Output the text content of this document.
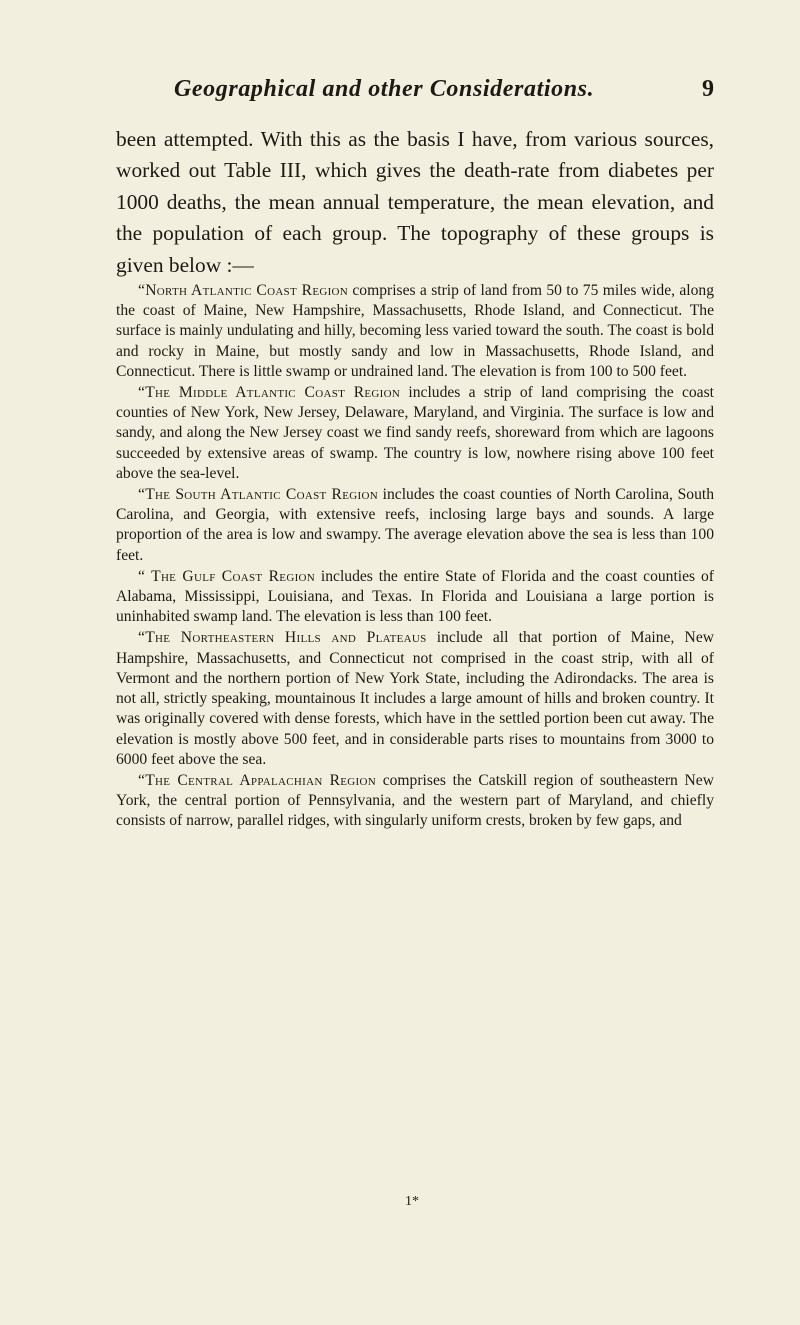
Geographical and other Considerations.	9

been attempted. With this as the basis I have, from various sources, worked out Table III, which gives the death-rate from diabetes per 1000 deaths, the mean annual temperature, the mean elevation, and the population of each group. The topography of these groups is given below :—

“North Atlantic Coast Region comprises a strip of land from 50 to 75 miles wide, along the coast of Maine, New Hampshire, Massachusetts, Rhode Island, and Connecticut. The surface is mainly undulating and hilly, becoming less varied toward the south. The coast is bold and rocky in Maine, but mostly sandy and low in Massachusetts, Rhode Island, and Connecticut. There is little swamp or undrained land. The elevation is from 100 to 500 feet.

“The Middle Atlantic Coast Region includes a strip of land comprising the coast counties of New York, New Jersey, Delaware, Maryland, and Virginia. The surface is low and sandy, and along the New Jersey coast we find sandy reefs, shoreward from which are lagoons succeeded by extensive areas of swamp. The country is low, nowhere rising above 100 feet above the sea-level.

“The South Atlantic Coast Region includes the coast counties of North Carolina, South Carolina, and Georgia, with extensive reefs, inclosing large bays and sounds. A large proportion of the area is low and swampy. The average elevation above the sea is less than 100 feet.

“ The Gulf Coast Region includes the entire State of Florida and the coast counties of Alabama, Mississippi, Louisiana, and Texas. In Florida and Louisiana a large portion is uninhabited swamp land. The elevation is less than 100 feet.

“The Northeastern Hills and Plateaus include all that portion of Maine, New Hampshire, Massachusetts, and Connecticut not comprised in the coast strip, with all of Vermont and the northern portion of New York State, including the Adirondacks. The area is not all, strictly speaking, mountainous It includes a large amount of hills and broken country. It was originally covered with dense forests, which have in the settled portion been cut away. The elevation is mostly above 500 feet, and in considerable parts rises to mountains from 3000 to 6000 feet above the sea.

“The Central Appalachian Region comprises the Catskill region of southeastern New York, the central portion of Pennsylvania, and the western part of Maryland, and chiefly consists of narrow, parallel ridges, with singularly uniform crests, broken by few gaps, and

1*
